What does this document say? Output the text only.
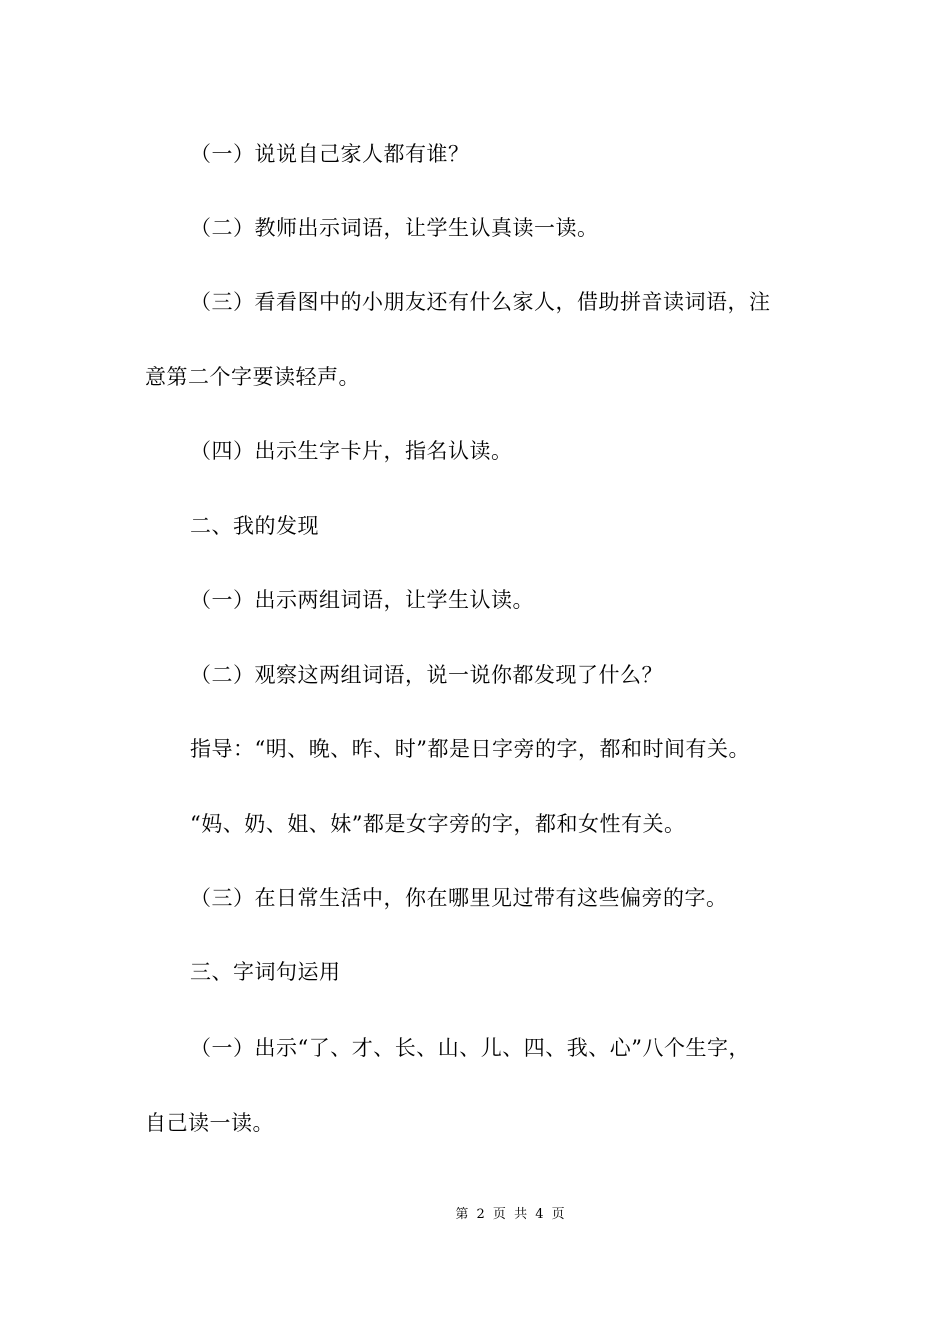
（一）说说自己家人都有谁？

（二）教师出示词语，让学生认真读一读。

（三）看看图中的小朋友还有什么家人，借助拼音读词语，注

意第二个字要读轻声。

（四）出示生字卡片，指名认读。

二、我的发现

（一）出示两组词语，让学生认读。

（二）观察这两组词语，说一说你都发现了什么？

指导：“明、晚、昨、时”都是日字旁的字，都和时间有关。

“妈、奶、姐、妹”都是女字旁的字，都和女性有关。

（三）在日常生活中，你在哪里见过带有这些偏旁的字。

三、字词句运用

（一）出示“了、才、长、山、儿、四、我、心”八个生字，

自己读一读。

第 2 页 共 4 页
